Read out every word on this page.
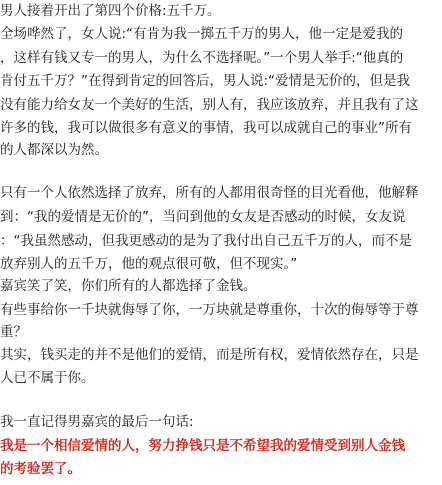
男人接着开出了第四个价格:五千万。
全场哗然了，女人说:“有肯为我一掷五千万的男人，他一定是爱我的
，这样有钱又专一的男人，为什么不选择呢。”一个男人举手:“他真的
肯付五千万？”在得到肯定的回答后，男人说:“爱情是无价的，但是我
没有能力给女友一个美好的生活，别人有，我应该放弃，并且我有了这
许多的钱，我可以做很多有意义的事情，我可以成就自己的事业”所有
的人都深以为然。
只有一个人依然选择了放弃，所有的人都用很奇怪的目光看他，他解释
到：“我的爱情是无价的”，当问到他的女友是否感动的时候，女友说
：“我虽然感动，但我更感动的是为了我付出自己五千万的人，而不是
放弃别人的五千万，他的观点很可敬，但不现实。”
嘉宾笑了笑，你们所有的人都选择了金钱。
有些事给你一千块就侮辱了你，一万块就是尊重你，十次的侮辱等于尊
重？
其实，钱买走的并不是他们的爱情，而是所有权，爱情依然存在，只是
人已不属于你。
我一直记得男嘉宾的最后一句话:
我是一个相信爱情的人，努力挣钱只是不希望我的爱情受到别人金钱
的考验罢了。
